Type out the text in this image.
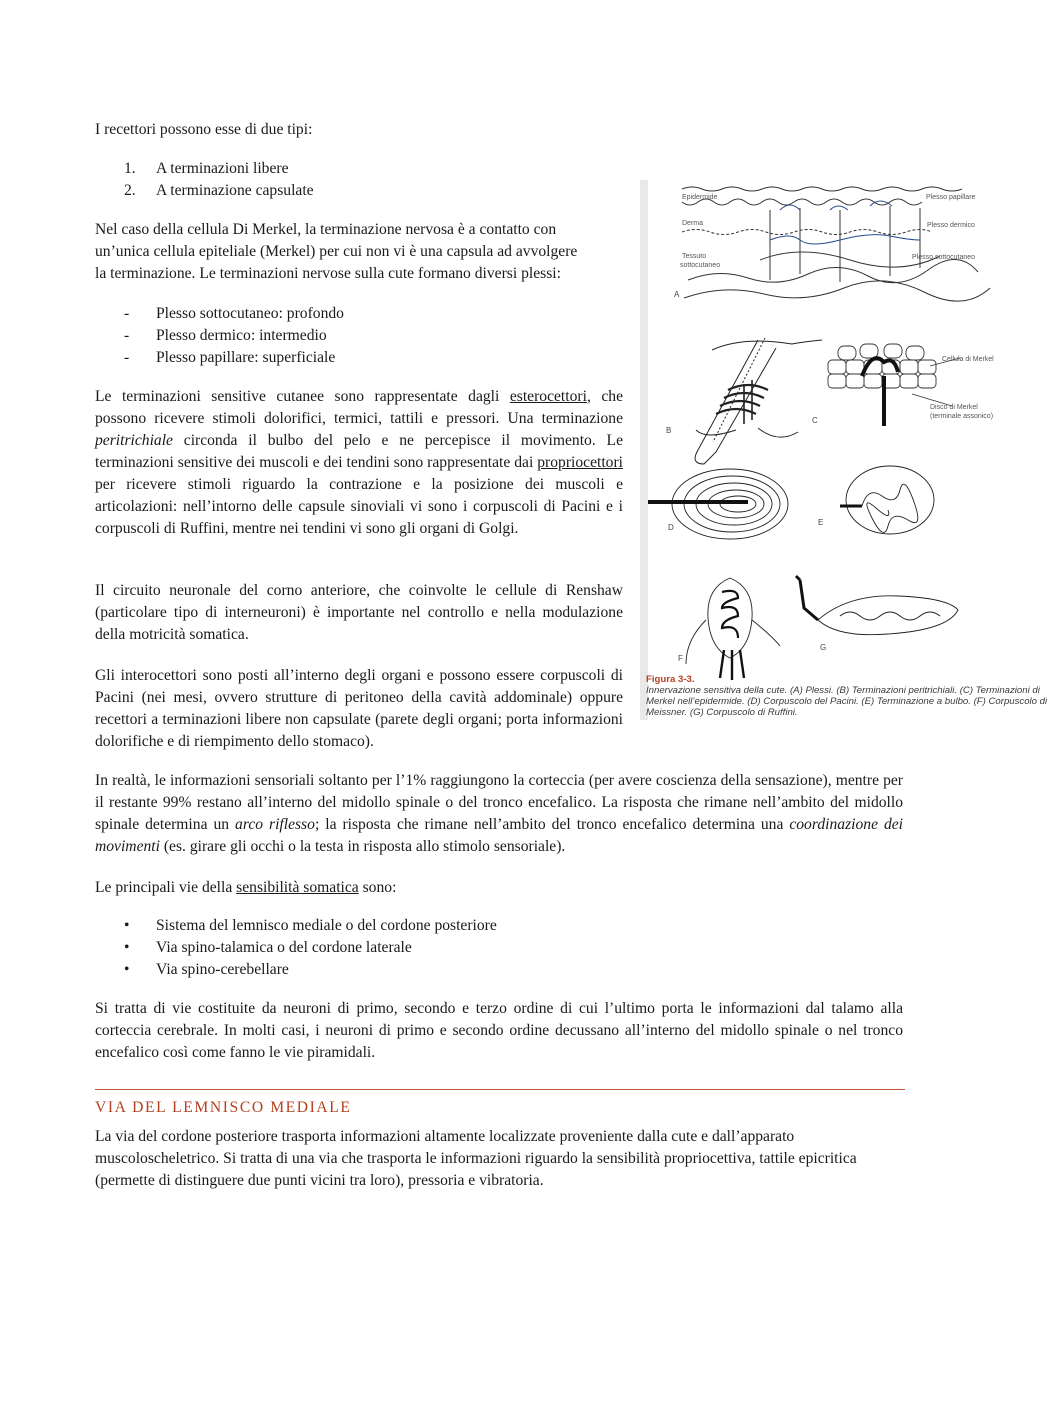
I recettori possono esse di due tipi:

1.	A terminazioni libere
2.	A terminazione capsulate
Nel caso della cellula Di Merkel, la terminazione nervosa è a contatto con
un’unica cellula epiteliale (Merkel) per cui non vi è una capsula ad avvolgere
la terminazione. Le terminazioni nervose sulla cute formano diversi plessi:
-	Plesso sottocutaneo: profondo
-	Plesso dermico: intermedio
-	Plesso papillare: superficiale

Le terminazioni sensitive cutanee sono rappresentate dagli esterocettori, che possono ricevere stimoli dolorifici, termici, tattili e pressori. Una terminazione peritrichiale circonda il bulbo del pelo e ne percepisce il movimento. Le terminazioni sensitive dei muscoli e dei tendini sono rappresentate dai propriocettori per ricevere stimoli riguardo la contrazione e la posizione dei muscoli e articolazioni: nell’intorno delle capsule sinoviali vi sono i corpuscoli di Pacini e i corpuscoli di Ruffini, mentre nei tendini vi sono gli organi di Golgi.

Il circuito neuronale del corno anteriore, che coinvolte le cellule di Renshaw (particolare tipo di interneuroni) è importante nel controllo e nella modulazione della motricità somatica.

Gli interocettori sono posti all’interno degli organi e possono essere corpuscoli di Pacini (nei mesi, ovvero strutture di peritoneo della cavità addominale) oppure recettori a terminazioni libere non capsulate (parete degli organi; porta informazioni dolorifiche e di riempimento dello stomaco).

Epidermide
Derma
Tessuto
sottocutaneo
Plesso papillare
Plesso dermico
Plesso sottocutaneo
A
B
Cellula di Merkel
Disco di Merkel
(terminale assonico)
C
D
E
F
G
Figura 3-3.
Innervazione sensitiva della cute. (A) Plessi. (B) Terminazioni peritrichiali. (C) Terminazioni di
Merkel nell’epidermide. (D) Corpuscolo del Pacini. (E) Terminazione a bulbo. (F) Corpuscolo di
Meissner. (G) Corpuscolo di Ruffini.

In realtà, le informazioni sensoriali soltanto per l’1% raggiungono la corteccia (per avere coscienza della sensazione), mentre per il restante 99% restano all’interno del midollo spinale o del tronco encefalico. La risposta che rimane nell’ambito del midollo spinale determina un arco riflesso; la risposta che rimane nell’ambito del tronco encefalico determina una coordinazione dei movimenti (es. girare gli occhi o la testa in risposta allo stimolo sensoriale).

Le principali vie della sensibilità somatica sono:

•	Sistema del lemnisco mediale o del cordone posteriore
•	Via spino-talamica o del cordone laterale
•	Via spino-cerebellare

Si tratta di vie costituite da neuroni di primo, secondo e terzo ordine di cui l’ultimo porta le informazioni dal talamo alla corteccia cerebrale. In molti casi, i neuroni di primo e secondo ordine decussano all’interno del midollo spinale o nel tronco encefalico così come fanno le vie piramidali.

VIA DEL LEMNISCO MEDIALE

La via del cordone posteriore trasporta informazioni altamente localizzate proveniente dalla cute e dall’apparato muscoloscheletrico. Si tratta di una via che trasporta le informazioni riguardo la sensibilità propriocettiva, tattile epicritica (permette di distinguere due punti vicini tra loro), pressoria e vibratoria.
